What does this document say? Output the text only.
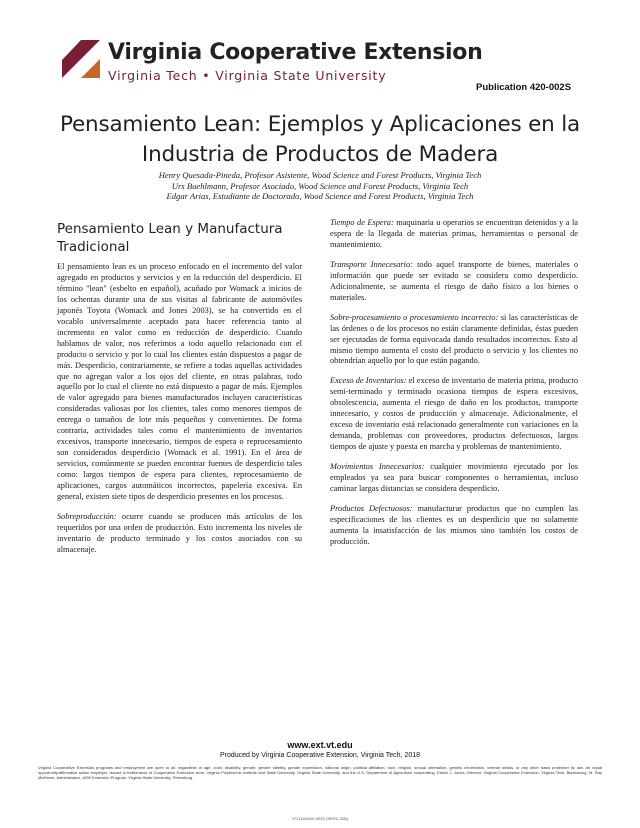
Virginia Cooperative Extension
Virginia Tech • Virginia State University
Publication 420-002S
Pensamiento Lean: Ejemplos y Aplicaciones en la Industria de Productos de Madera
Henry Quesada-Pineda, Profesor Asistente, Wood Science and Forest Products, Virginia Tech
Urs Buehlmann, Profesor Asociado, Wood Science and Forest Products, Virginia Tech
Edgar Arias, Estudiante de Doctorado, Wood Science and Forest Products, Virginia Tech
Pensamiento Lean y Manufactura Tradicional

El pensamiento lean es un proceso enfocado en el incremento del valor agregado en productos y servicios y en la reducción del desperdicio. El término "lean" (esbelto en español), acuñado por Womack a inicios de los ochentas durante una de sus visitas al fabricante de automóviles japonés Toyota (Womack and Jones 2003), se ha convertido en el vocablo universalmente aceptado para hacer referencia tanto al incremento en valor como en reducción de desperdicio. Cuando hablamos de valor, nos referimos a todo aquello relacionado con el producto o servicio y por lo cual los clientes están dispuestos a pagar de más. Desperdicio, contrariamente, se refiere a todas aquellas actividades que no agregan valor a los ojos del cliente, en otras palabras, todo aquello por lo cual el cliente no está dispuesto a pagar de más. Ejemplos de valor agregado para bienes manufacturados incluyen características consideradas valiosas por los clientes, tales como menores tiempos de entrega o tamaños de lote más pequeños y convenientes. De forma contraria, actividades tales como el mantenimiento de inventarios excesivos, transporte innecesario, tiempos de espera o reprocesamiento son considerados desperdicio (Womack et al. 1991). En el área de servicios, comúnmente se pueden encontrar fuentes de desperdicio tales como: largos tiempos de espera para clientes, reprocesamiento de aplicaciones, cargos automáticos incorrectos, papelería excesiva. En general, existen siete tipos de desperdicio presentes en los procesos.

Sobreproducción: ocurre cuando se producen más artículos de los requeridos por una orden de producción. Esto incrementa los niveles de inventario de producto terminado y los costos asociados con su almacenaje.

Tiempo de Espera: maquinaria u operarios se encuentran detenidos y a la espera de la llegada de materias primas, herramientas o personal de mantenimiento.

Transporte Innecesario: todo aquel transporte de bienes, materiales o información que puede ser evitado se considera como desperdicio. Adicionalmente, se aumenta el riesgo de daño físico a los bienes o materiales.

Sobre-procesamiento o procesamiento incorrecto: si las características de las órdenes o de los procesos no están claramente definidas, éstas pueden ser ejecutadas de forma equivocada dando resultados incorrectos. Esto al mismo tiempo aumenta el costo del producto o servicio y los clientes no obtendrían aquello por lo que están pagando.

Exceso de Inventarios: el exceso de inventario de materia prima, producto semi-terminado y terminado ocasiona tiempos de espera excesivos, obsolescencia, aumenta el riesgo de daño en los productos, transporte innecesario, y costos de producción y almacenaje. Adicionalmente, el exceso de inventario está relacionado generalmente con variaciones en la demanda, problemas con proveedores, productos defectuosos, largos tiempos de ajuste y puesta en marcha y problemas de mantenimiento.

Movimientos Innecesarios: cualquier movimiento ejecutado por los empleados ya sea para buscar componentes o herramientas, incluso caminar largas distancias se considera desperdicio.

Productos Defectuosos: manufacturar productos que no cumplen las especificaciones de los clientes es un desperdicio que no solamente aumenta la insatisfacción de los mismos sino también los costos de producción.

www.ext.vt.edu
Produced by Virginia Cooperative Extension, Virginia Tech, 2018
Virginia Cooperative Extension programs and employment are open to all, regardless of age, color, disability, gender, gender identity, gender expression, national origin, political affiliation, race, religion, sexual orientation, genetic information, veteran status, or any other basis protected by law. An equal opportunity/affirmative action employer. Issued in furtherance of Cooperative Extension work, Virginia Polytechnic Institute and State University, Virginia State University, and the U.S. Department of Agriculture cooperating. Edwin J. Jones, Director, Virginia Cooperative Extension, Virginia Tech, Blacksburg; M. Ray McKinnie, Administrator, 1890 Extension Program, Virginia State University, Petersburg.
VT/1118/420-002S (SERC-206)
